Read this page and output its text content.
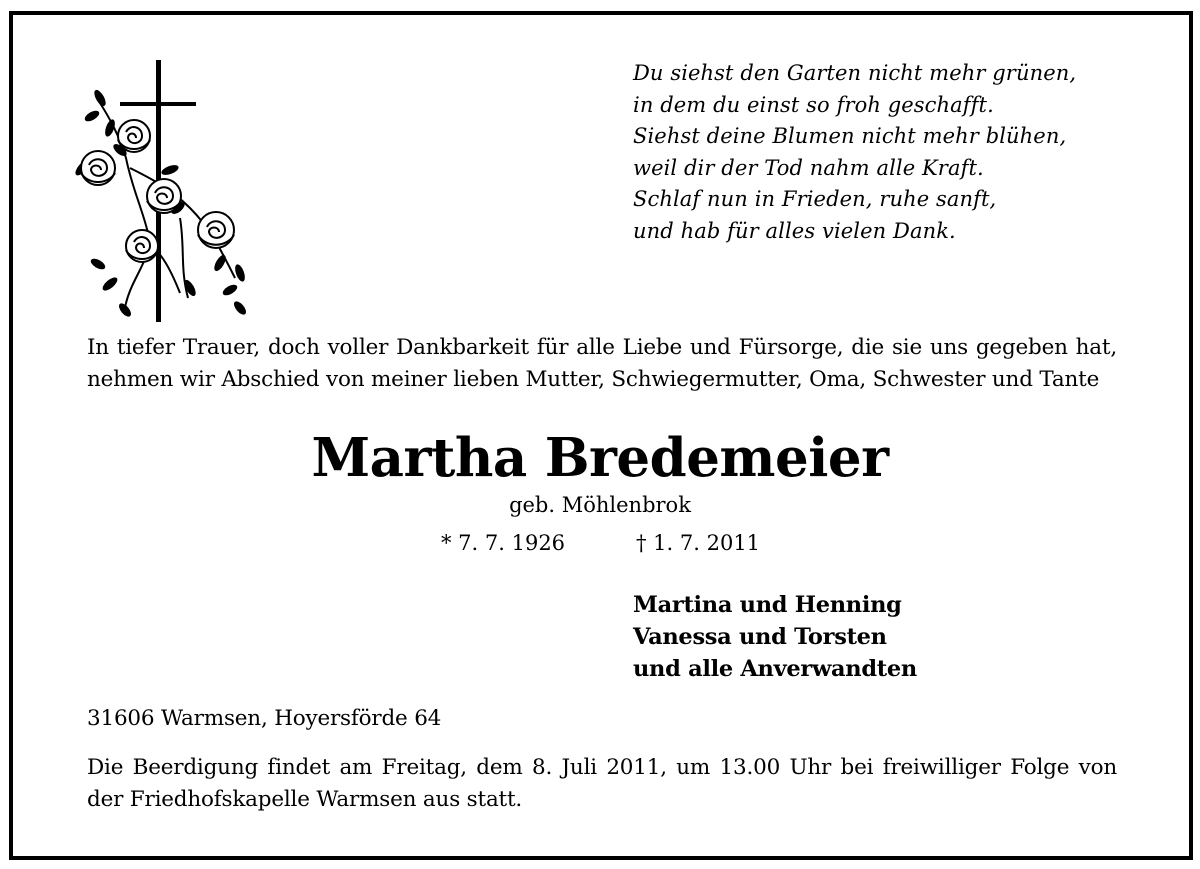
Du siehst den Garten nicht mehr grünen,
in dem du einst so froh geschafft.
Siehst deine Blumen nicht mehr blühen,
weil dir der Tod nahm alle Kraft.
Schlaf nun in Frieden, ruhe sanft,
und hab für alles vielen Dank.
In tiefer Trauer, doch voller Dankbarkeit für alle Liebe und Fürsorge, die sie uns gegeben hat, nehmen wir Abschied von meiner lieben Mutter, Schwiegermutter, Oma, Schwester und Tante
Martha Bredemeier
geb. Möhlenbrok
* 7. 7. 1926	† 1. 7. 2011
Martina und Henning
Vanessa und Torsten
und alle Anverwandten
31606 Warmsen, Hoyersförde 64
Die Beerdigung findet am Freitag, dem 8. Juli 2011, um 13.00 Uhr bei freiwilliger Folge von der Friedhofskapelle Warmsen aus statt.
